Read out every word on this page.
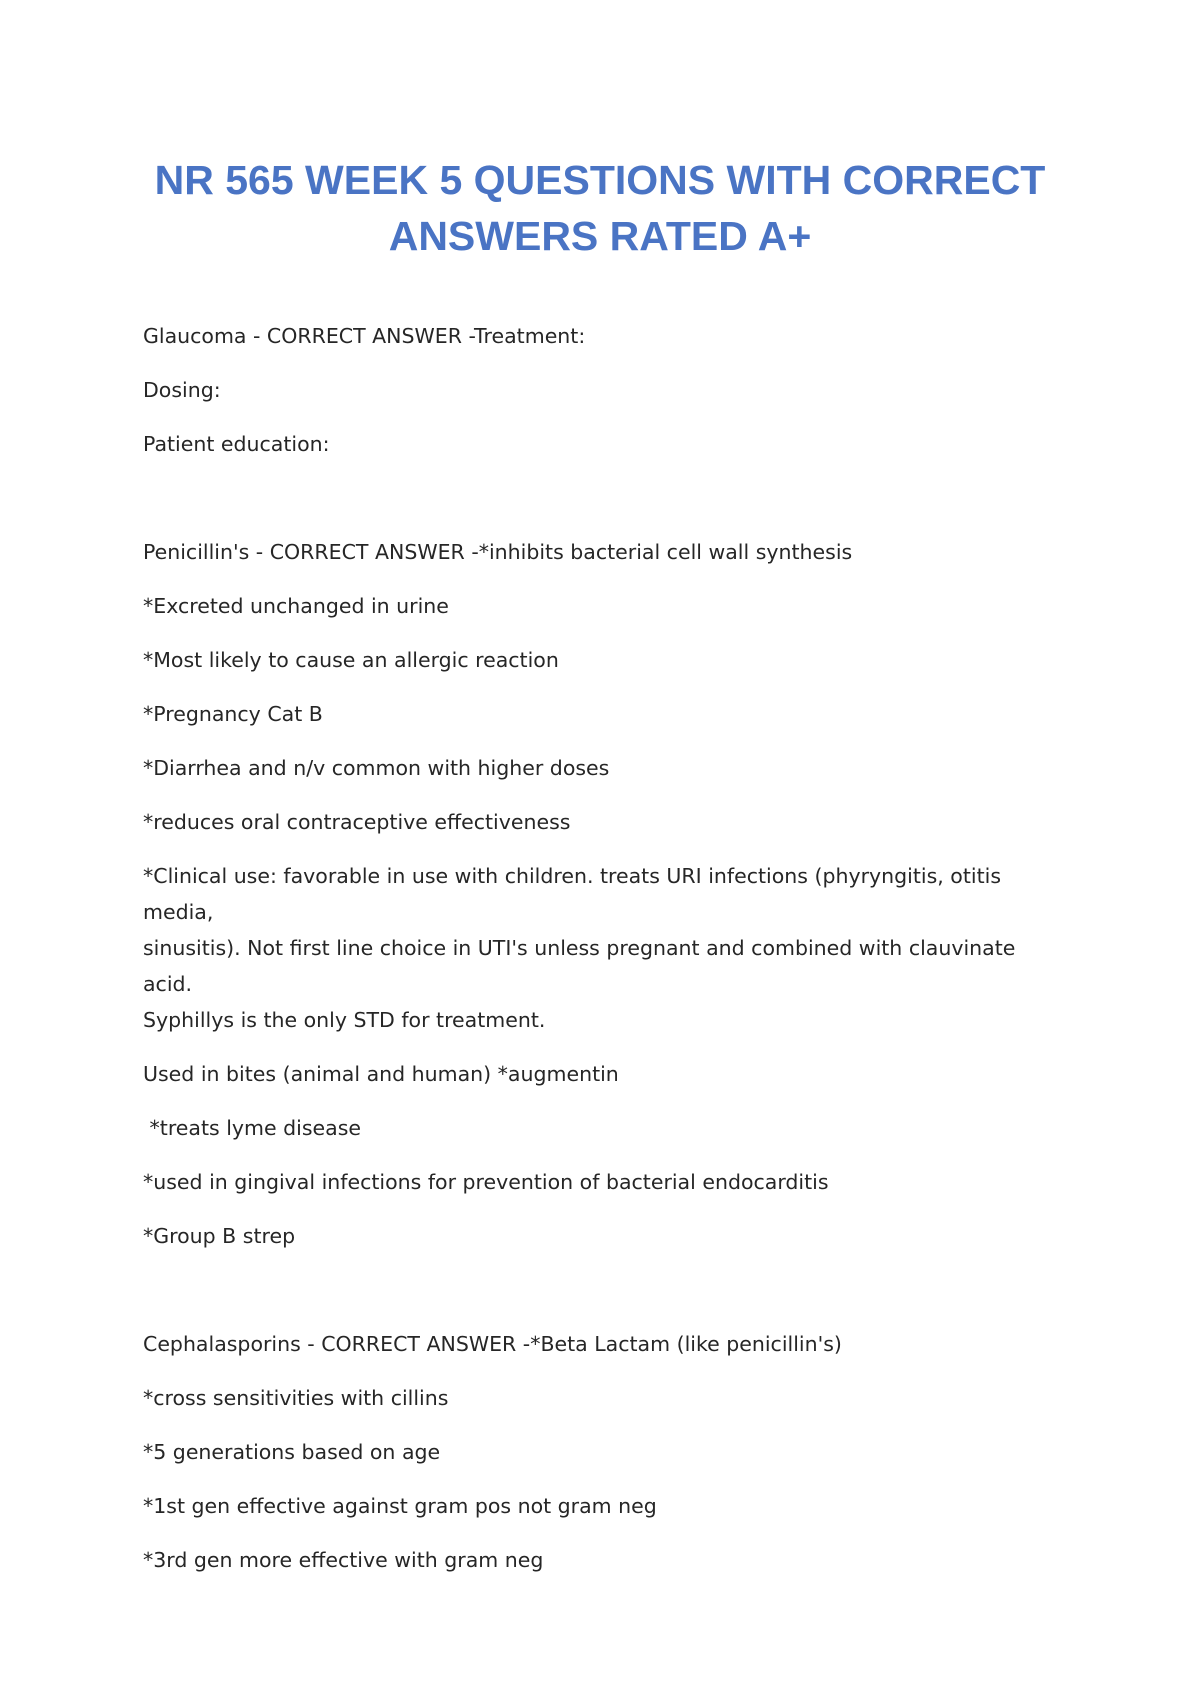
NR 565 WEEK 5 QUESTIONS WITH CORRECT
ANSWERS RATED A+

Glaucoma - CORRECT ANSWER -Treatment:

Dosing:

Patient education:

Penicillin's - CORRECT ANSWER -*inhibits bacterial cell wall synthesis

*Excreted unchanged in urine

*Most likely to cause an allergic reaction

*Pregnancy Cat B

*Diarrhea and n/v common with higher doses

*reduces oral contraceptive effectiveness

*Clinical use: favorable in use with children. treats URI infections (phyryngitis, otitis media,

sinusitis). Not first line choice in UTI's unless pregnant and combined with clauvinate acid.

Syphillys is the only STD for treatment.

Used in bites (animal and human) *augmentin

*treats lyme disease

*used in gingival infections for prevention of bacterial endocarditis

*Group B strep

Cephalasporins - CORRECT ANSWER -*Beta Lactam (like penicillin's)

*cross sensitivities with cillins

*5 generations based on age

*1st gen effective against gram pos not gram neg

*3rd gen more effective with gram neg
